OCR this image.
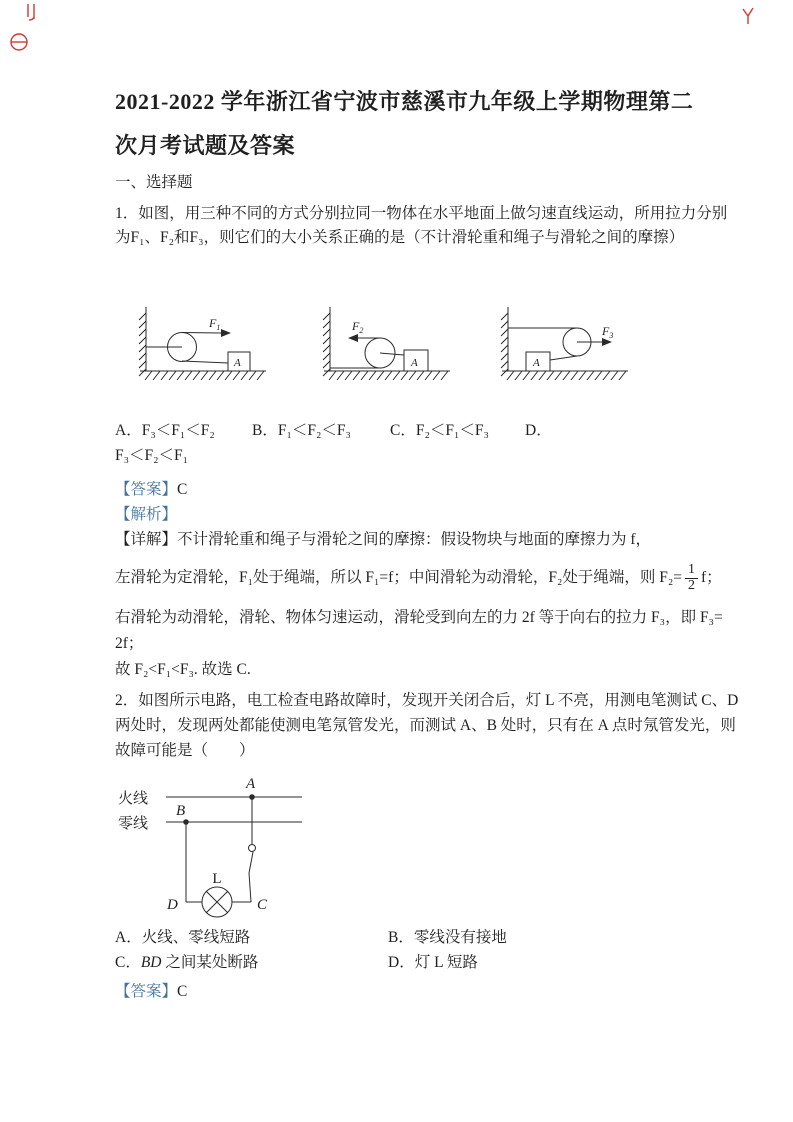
2021-2022 学年浙江省宁波市慈溪市九年级上学期物理第二
次月考试题及答案
一、选择题
1．如图，用三种不同的方式分别拉同一物体在水平地面上做匀速直线运动，所用拉力分别
为F₁、F₂和F₃，则它们的大小关系正确的是（不计滑轮重和绳子与滑轮之间的摩擦）
$F_1$
A
$F_2$
A
$F_3$
A
A．F₃＜F₁＜F₂ B．F₁＜F₂＜F₃	C．F₂＜F₁＜F₃ D．
F₃＜F₂＜F₁
【答案】 C
【解析】
【详解】不计滑轮重和绳子与滑轮之间的摩擦：假设物块与地面的摩擦力为 f，
左滑轮为定滑轮，F₁处于绳端，所以 F₁=f；中间滑轮为动滑轮，F₂处于绳端，则 $F_2= \frac{1}{2}$ f；
右滑轮为动滑轮，滑轮、物体匀速运动，滑轮受到向左的力 2f 等于向右的拉力 F₃，即 F₃=
2f；
故 F₂<F₁<F₃. 故选 C.
2．如图所示电路，电工检查电路故障时，发现开关闭合后，灯 L 不亮，用测电笔测试 C、D
两处时，发现两处都能使测电笔氖管发光，而测试 A、B 处时，只有在 A 点时氖管发光，则
故障可能是（　　）
火线
零线
A
B
L
D	C
A．火线、零线短路	B．零线没有接地
C．BD 之间某处断路	D．灯 L 短路
【答案】 C
